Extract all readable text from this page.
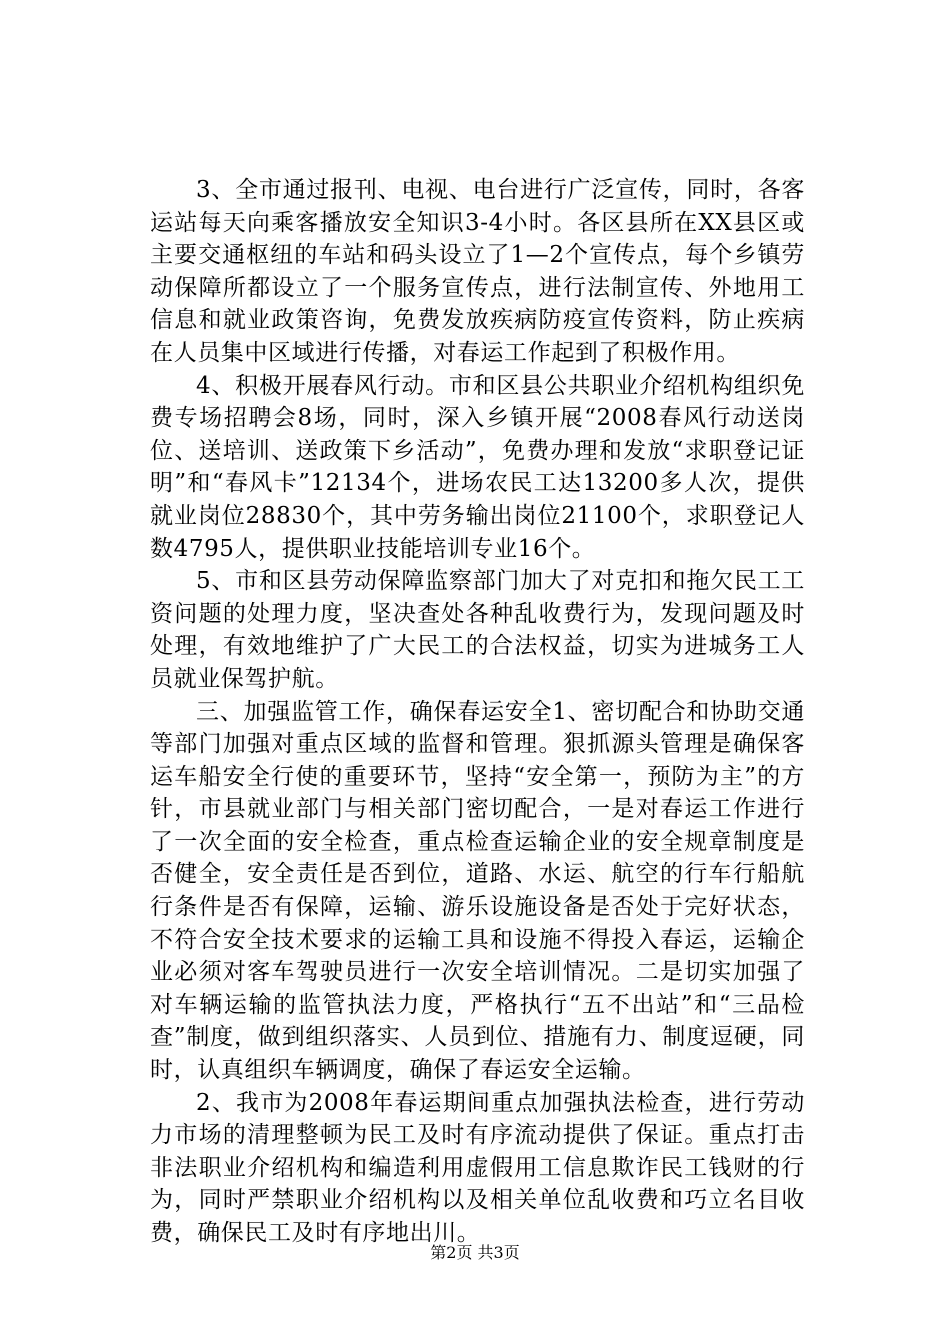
3、全市通过报刊、电视、电台进行广泛宣传，同时，各客运站每天向乘客播放安全知识3-4小时。各区县所在XX县区或主要交通枢纽的车站和码头设立了1—2个宣传点，每个乡镇劳动保障所都设立了一个服务宣传点，进行法制宣传、外地用工信息和就业政策咨询，免费发放疾病防疫宣传资料，防止疾病在人员集中区域进行传播，对春运工作起到了积极作用。

4、积极开展春风行动。市和区县公共职业介绍机构组织免费专场招聘会8场，同时，深入乡镇开展“2008春风行动送岗位、送培训、送政策下乡活动”，免费办理和发放“求职登记证明”和“春风卡”12134个，进场农民工达13200多人次，提供就业岗位28830个，其中劳务输出岗位21100个，求职登记人数4795人，提供职业技能培训专业16个。

5、市和区县劳动保障监察部门加大了对克扣和拖欠民工工资问题的处理力度，坚决查处各种乱收费行为，发现问题及时处理，有效地维护了广大民工的合法权益，切实为进城务工人员就业保驾护航。

三、加强监管工作，确保春运安全1、密切配合和协助交通等部门加强对重点区域的监督和管理。狠抓源头管理是确保客运车船安全行使的重要环节，坚持“安全第一，预防为主”的方针，市县就业部门与相关部门密切配合，一是对春运工作进行了一次全面的安全检查，重点检查运输企业的安全规章制度是否健全，安全责任是否到位，道路、水运、航空的行车行船航行条件是否有保障，运输、游乐设施设备是否处于完好状态，不符合安全技术要求的运输工具和设施不得投入春运，运输企业必须对客车驾驶员进行一次安全培训情况。二是切实加强了对车辆运输的监管执法力度，严格执行“五不出站”和“三品检查”制度，做到组织落实、人员到位、措施有力、制度逗硬，同时，认真组织车辆调度，确保了春运安全运输。

2、我市为2008年春运期间重点加强执法检查，进行劳动力市场的清理整顿为民工及时有序流动提供了保证。重点打击非法职业介绍机构和编造利用虚假用工信息欺诈民工钱财的行为，同时严禁职业介绍机构以及相关单位乱收费和巧立名目收费，确保民工及时有序地出川。

第2页 共3页
